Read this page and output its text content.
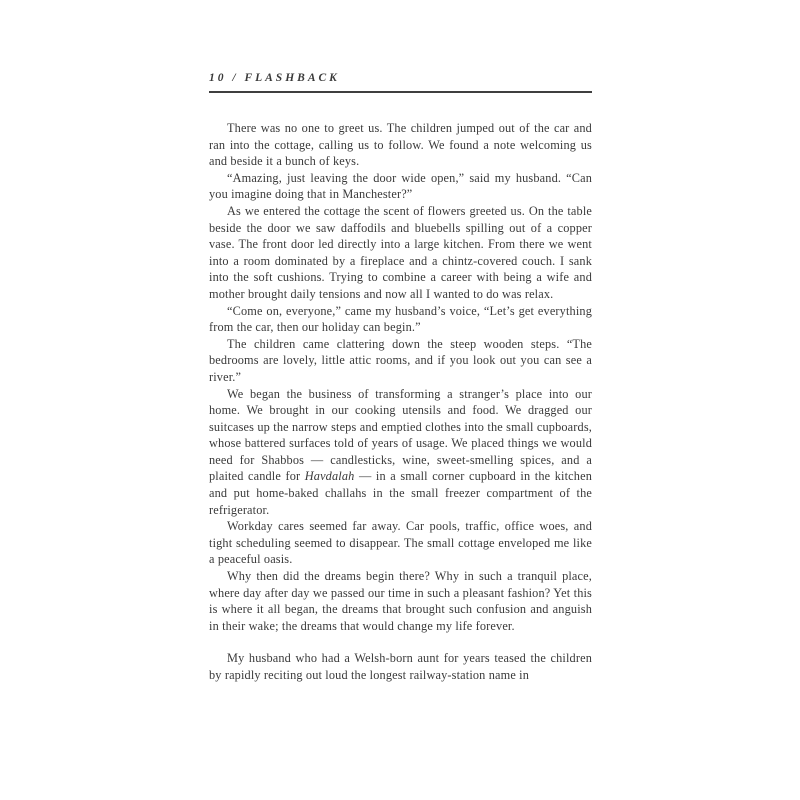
10 / FLASHBACK

There was no one to greet us. The children jumped out of the car and ran into the cottage, calling us to follow. We found a note welcoming us and beside it a bunch of keys.

“Amazing, just leaving the door wide open,” said my husband. “Can you imagine doing that in Manchester?”

As we entered the cottage the scent of flowers greeted us. On the table beside the door we saw daffodils and bluebells spilling out of a copper vase. The front door led directly into a large kitchen. From there we went into a room dominated by a fireplace and a chintz-covered couch. I sank into the soft cushions. Trying to combine a career with being a wife and mother brought daily tensions and now all I wanted to do was relax.

“Come on, everyone,” came my husband’s voice, “Let’s get everything from the car, then our holiday can begin.”

The children came clattering down the steep wooden steps. “The bedrooms are lovely, little attic rooms, and if you look out you can see a river.”

We began the business of transforming a stranger’s place into our home. We brought in our cooking utensils and food. We dragged our suitcases up the narrow steps and emptied clothes into the small cupboards, whose battered surfaces told of years of usage. We placed things we would need for Shabbos — candlesticks, wine, sweet-smelling spices, and a plaited candle for Havdalah — in a small corner cupboard in the kitchen and put home-baked challahs in the small freezer compartment of the refrigerator.

Workday cares seemed far away. Car pools, traffic, office woes, and tight scheduling seemed to disappear. The small cottage enveloped me like a peaceful oasis.

Why then did the dreams begin there? Why in such a tranquil place, where day after day we passed our time in such a pleasant fashion? Yet this is where it all began, the dreams that brought such confusion and anguish in their wake; the dreams that would change my life forever.

My husband who had a Welsh-born aunt for years teased the children by rapidly reciting out loud the longest railway-station name in
